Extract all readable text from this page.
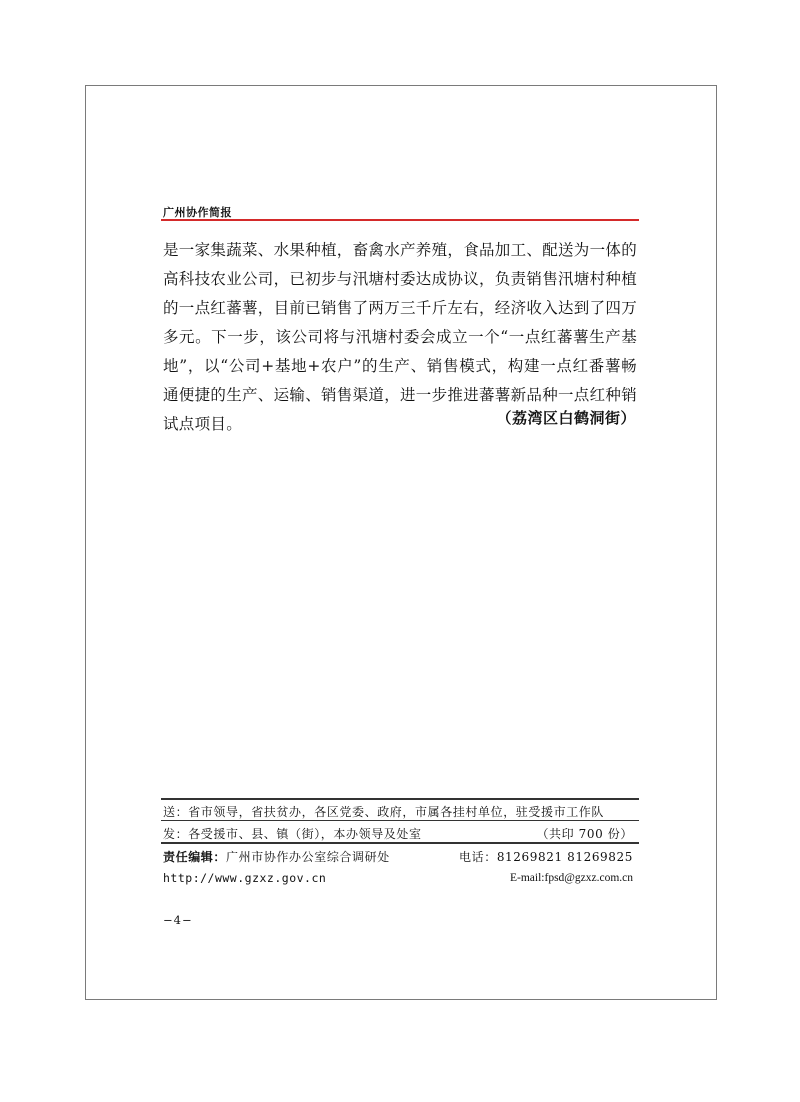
广州协作简报

是一家集蔬菜、水果种植，畜禽水产养殖，食品加工、配送为一体的高科技农业公司，已初步与汛塘村委达成协议，负责销售汛塘村种植的一点红蕃薯，目前已销售了两万三千斤左右，经济收入达到了四万多元。下一步，该公司将与汛塘村委会成立一个“一点红蕃薯生产基地”，以“公司+基地+农户”的生产、销售模式，构建一点红番薯畅通便捷的生产、运输、销售渠道，进一步推进蕃薯新品种一点红种销试点项目。	（荔湾区白鹤洞街）
送：省市领导，省扶贫办，各区党委、政府，市属各挂村单位，驻受援市工作队
发：各受援市、县、镇（街），本办领导及处室	（共印 700 份）
责任编辑：广州市协作办公室综合调研处	电话：81269821 81269825
http://www.gzxz.gov.cn	E-mail:fpsd@gzxz.com.cn
−4−
